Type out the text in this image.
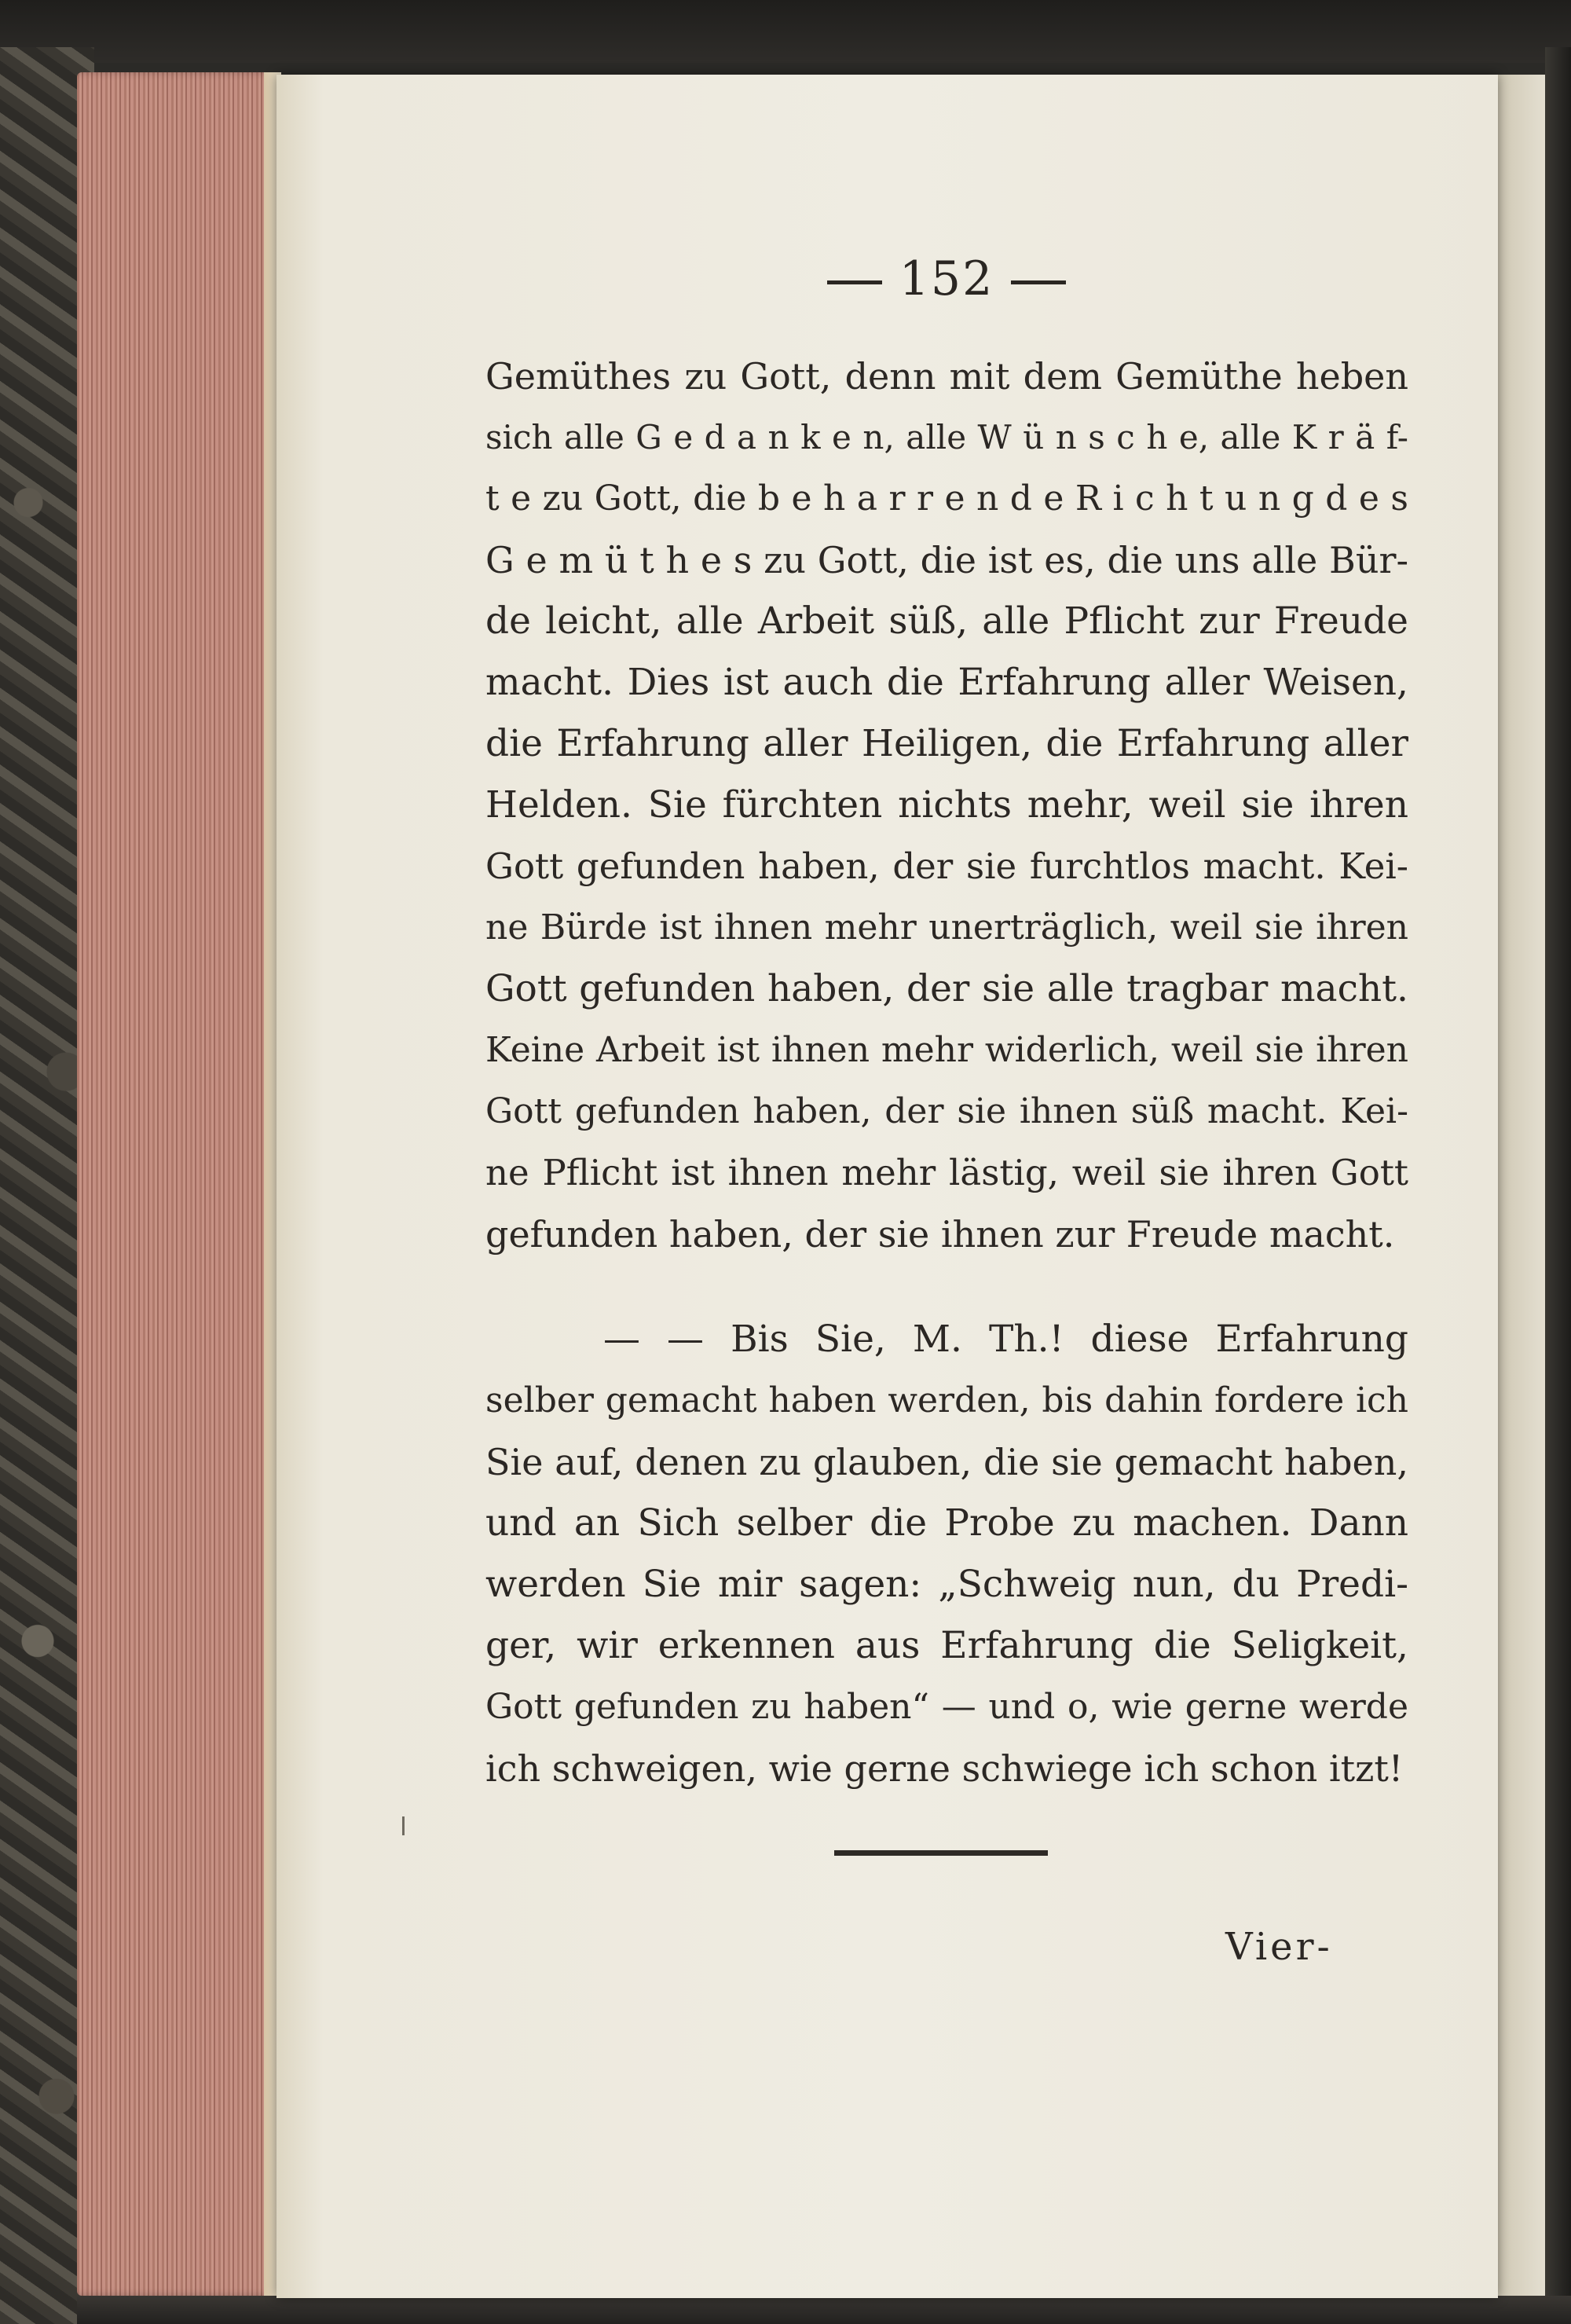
152
Gemüthes zu Gott, denn mit dem Gemüthe heben
sich alle G e d a n k e n, alle W ü n s c h e, alle K r ä f-
t e zu Gott, die b e h a r r e n d e R i c h t u n g d e s
G e m ü t h e s zu Gott, die ist es, die uns alle Bür-
de leicht, alle Arbeit süß, alle Pflicht zur Freude
macht. Dies ist auch die Erfahrung aller Weisen,
die Erfahrung aller Heiligen, die Erfahrung aller
Helden. Sie fürchten nichts mehr, weil sie ihren
Gott gefunden haben, der sie furchtlos macht. Kei-
ne Bürde ist ihnen mehr unerträglich, weil sie ihren
Gott gefunden haben, der sie alle tragbar macht.
Keine Arbeit ist ihnen mehr widerlich, weil sie ihren
Gott gefunden haben, der sie ihnen süß macht. Kei-
ne Pflicht ist ihnen mehr lästig, weil sie ihren Gott
gefunden haben, der sie ihnen zur Freude macht.
— — Bis Sie, M. Th.! diese Erfahrung
selber gemacht haben werden, bis dahin fordere ich
Sie auf, denen zu glauben, die sie gemacht haben,
und an Sich selber die Probe zu machen. Dann
werden Sie mir sagen: „Schweig nun, du Predi-
ger, wir erkennen aus Erfahrung die Seligkeit,
Gott gefunden zu haben“ — und o, wie gerne werde
ich schweigen, wie gerne schwiege ich schon itzt!
Vier-
